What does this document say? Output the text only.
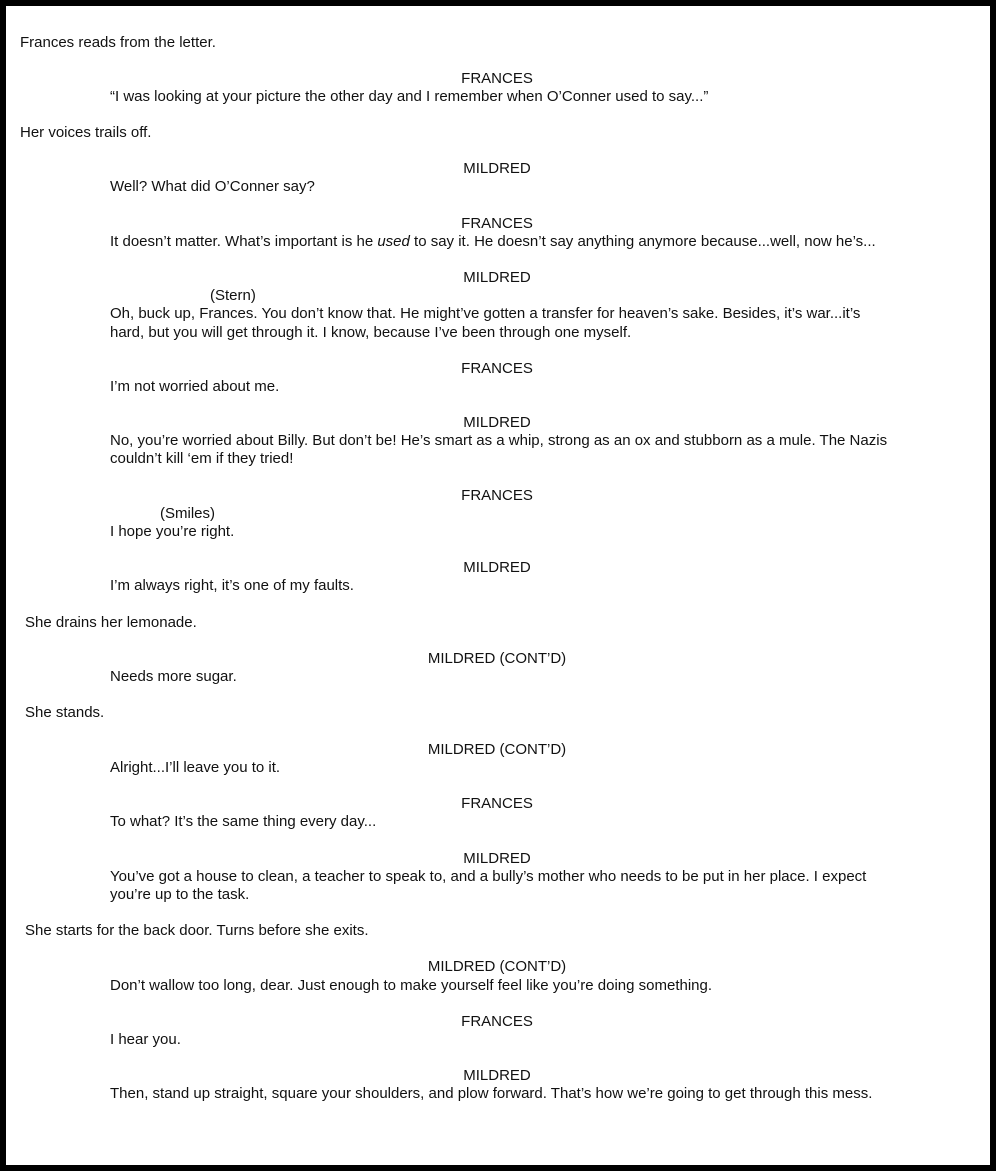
Frances reads from the letter.

FRANCES

“I was looking at your picture the other day and I remember when O’Conner used to say...”

Her voices trails off.

MILDRED

Well? What did O’Conner say?

FRANCES

It doesn’t matter. What’s important is he used to say it. He doesn’t say anything anymore because...well, now he’s...

MILDRED

(Stern)

Oh, buck up, Frances. You don’t know that. He might’ve gotten a transfer for heaven’s sake. Besides, it’s war...it’s

hard, but you will get through it. I know, because I’ve been through one myself.

FRANCES

I’m not worried about me.

MILDRED

No, you’re worried about Billy. But don’t be! He’s smart as a whip, strong as an ox and stubborn as a mule. The Nazis

couldn’t kill ‘em if they tried!

FRANCES

(Smiles)

I hope you’re right.

MILDRED

I’m always right, it’s one of my faults.

She drains her lemonade.

MILDRED (CONT’D)

Needs more sugar.

She stands.

MILDRED (CONT’D)

Alright...I’ll leave you to it.

FRANCES

To what? It’s the same thing every day...

MILDRED

You’ve got a house to clean, a teacher to speak to, and a bully’s mother who needs to be put in her place. I expect

you’re up to the task.

She starts for the back door. Turns before she exits.

MILDRED (CONT’D)

Don’t wallow too long, dear. Just enough to make yourself feel like you’re doing something.

FRANCES

I hear you.

MILDRED

Then, stand up straight, square your shoulders, and plow forward. That’s how we’re going to get through this mess.
